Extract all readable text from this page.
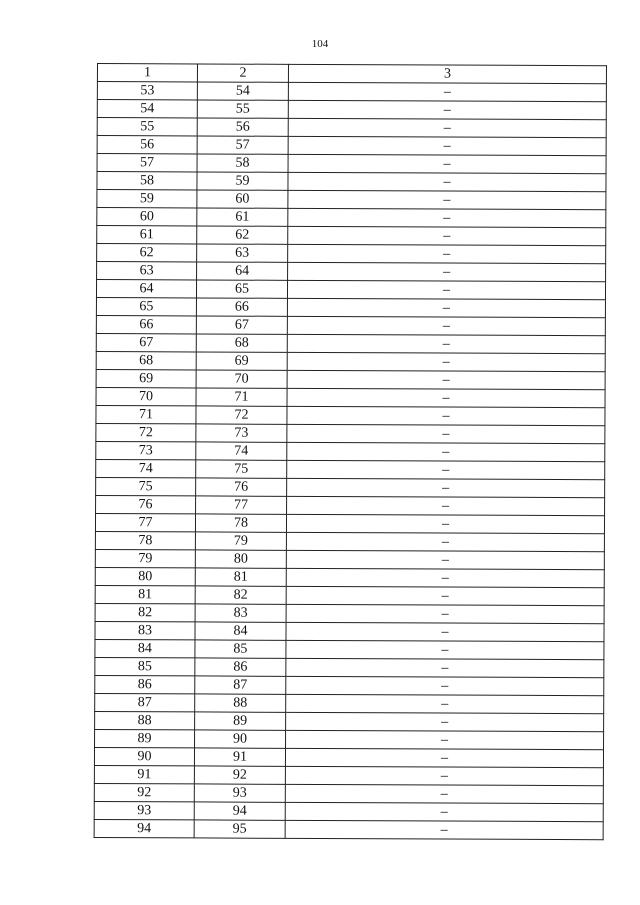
104
1	2	3
53	54	–
54	55	–
55	56	–
56	57	–
57	58	–
58	59	–
59	60	–
60	61	–
61	62	–
62	63	–
63	64	–
64	65	–
65	66	–
66	67	–
67	68	–
68	69	–
69	70	–
70	71	–
71	72	–
72	73	–
73	74	–
74	75	–
75	76	–
76	77	–
77	78	–
78	79	–
79	80	–
80	81	–
81	82	–
82	83	–
83	84	–
84	85	–
85	86	–
86	87	–
87	88	–
88	89	–
89	90	–
90	91	–
91	92	–
92	93	–
93	94	–
94	95	–
